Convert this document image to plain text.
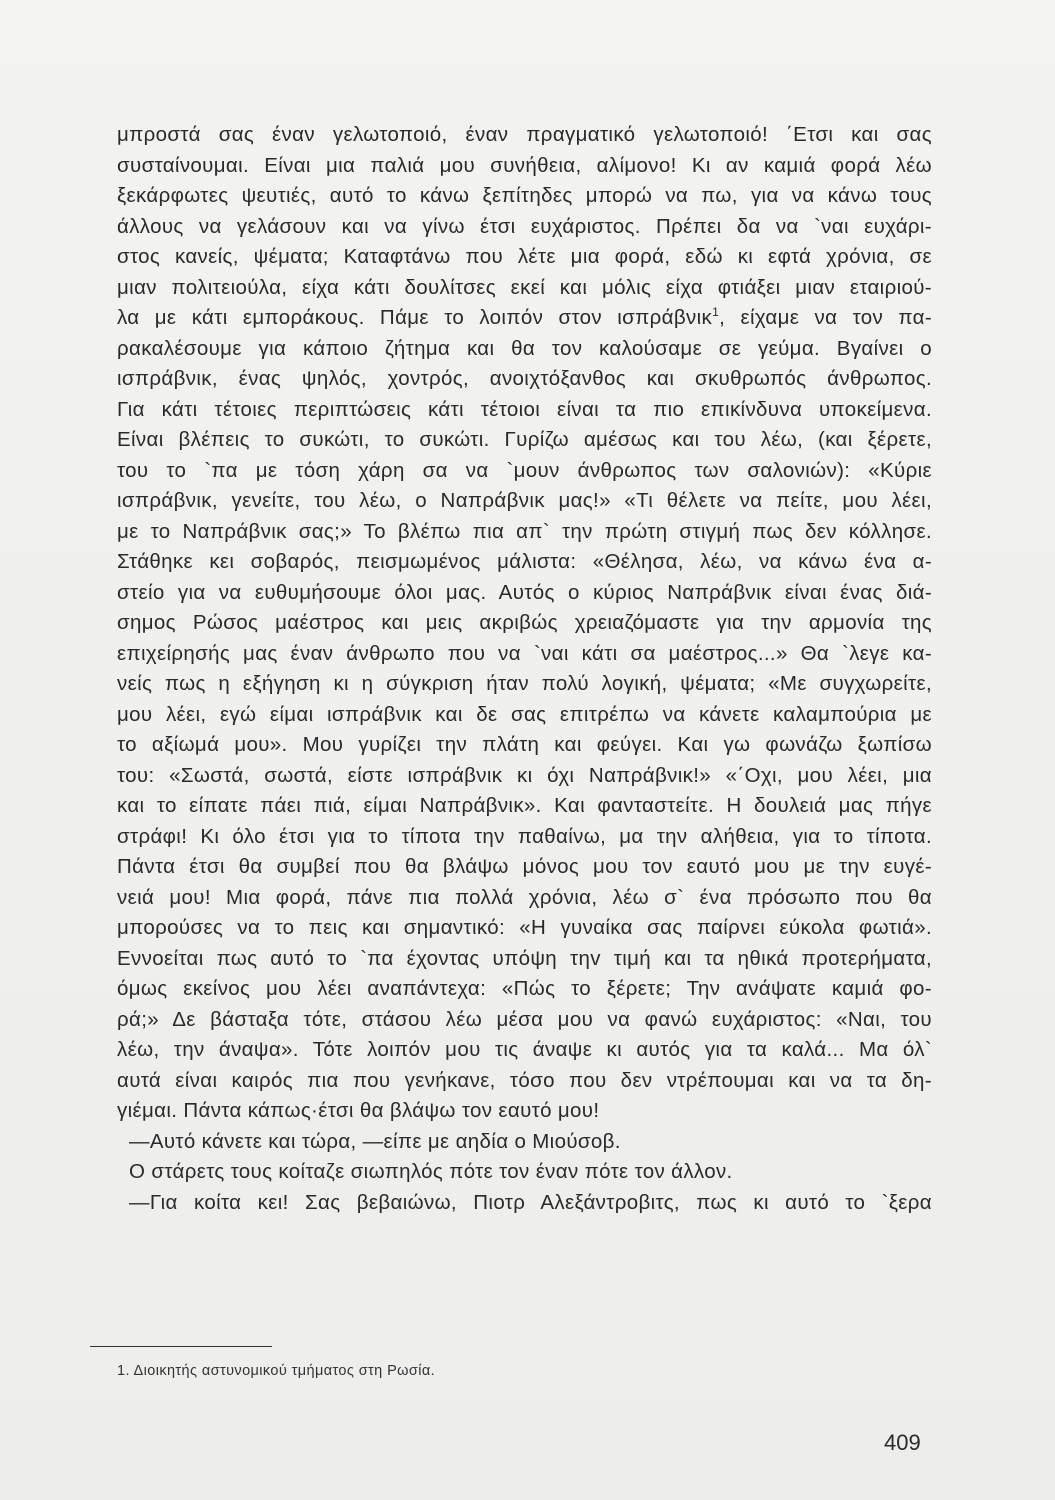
μπροστά σας έναν γελωτοποιό, έναν πραγματικό γελωτοποιό! ΄Ετσι και σας
συσταίνουμαι. Είναι μια παλιά μου συνήθεια, αλίμονο! Κι αν καμιά φορά λέω
ξεκάρφωτες ψευτιές, αυτό το κάνω ξεπίτηδες μπορώ να πω, για να κάνω τους
άλλους να γελάσουν και να γίνω έτσι ευχάριστος. Πρέπει δα να `ναι ευχάρι-
στος κανείς, ψέματα; Καταφτάνω που λέτε μια φορά, εδώ κι εφτά χρόνια, σε
μιαν πολιτειούλα, είχα κάτι δουλίτσες εκεί και μόλις είχα φτιάξει μιαν εταιριού-
λα με κάτι εμποράκους. Πάμε το λοιπόν στον ισπράβνικ$^1$, είχαμε να τον πα-
ρακαλέσουμε για κάποιο ζήτημα και θα τον καλούσαμε σε γεύμα. Βγαίνει ο
ισπράβνικ, ένας ψηλός, χοντρός, ανοιχτόξανθος και σκυθρωπός άνθρωπος.
Για κάτι τέτοιες περιπτώσεις κάτι τέτοιοι είναι τα πιο επικίνδυνα υποκείμενα.
Είναι βλέπεις το συκώτι, το συκώτι. Γυρίζω αμέσως και του λέω, (και ξέρετε,
του το `πα με τόση χάρη σα να `μουν άνθρωπος των σαλονιών): «Κύριε
ισπράβνικ, γενείτε, του λέω, ο Ναπράβνικ μας!» «Τι θέλετε να πείτε, μου λέει,
με το Ναπράβνικ σας;» Το βλέπω πια απ` την πρώτη στιγμή πως δεν κόλλησε.
Στάθηκε κει σοβαρός, πεισμωμένος μάλιστα: «Θέλησα, λέω, να κάνω ένα α-
στείο για να ευθυμήσουμε όλοι μας. Αυτός ο κύριος Ναπράβνικ είναι ένας διά-
σημος Ρώσος μαέστρος και μεις ακριβώς χρειαζόμαστε για την αρμονία της
επιχείρησής μας έναν άνθρωπο που να `ναι κάτι σα μαέστρος...» Θα `λεγε κα-
νείς πως η εξήγηση κι η σύγκριση ήταν πολύ λογική, ψέματα; «Με συγχωρείτε,
μου λέει, εγώ είμαι ισπράβνικ και δε σας επιτρέπω να κάνετε καλαμπούρια με
το αξίωμά μου». Μου γυρίζει την πλάτη και φεύγει. Και γω φωνάζω ξωπίσω
του: «Σωστά, σωστά, είστε ισπράβνικ κι όχι Ναπράβνικ!» «΄Οχι, μου λέει, μια
και το είπατε πάει πιά, είμαι Ναπράβνικ». Και φανταστείτε. Η δουλειά μας πήγε
στράφι! Κι όλο έτσι για το τίποτα την παθαίνω, μα την αλήθεια, για το τίποτα.
Πάντα έτσι θα συμβεί που θα βλάψω μόνος μου τον εαυτό μου με την ευγέ-
νειά μου! Μια φορά, πάνε πια πολλά χρόνια, λέω σ` ένα πρόσωπο που θα
μπορούσες να το πεις και σημαντικό: «Η γυναίκα σας παίρνει εύκολα φωτιά».
Εννοείται πως αυτό το `πα έχοντας υπόψη τηv τιμή και τα ηθικά προτερήματα,
όμως εκείνος μου λέει αναπάντεχα: «Πώς το ξέρετε; Την ανάψατε καμιά φο-
ρά;» Δε βάσταξα τότε, στάσου λέω μέσα μου να φανώ ευχάριστος: «Ναι, του
λέω, την άναψα». Τότε λοιπόν μου τις άναψε κι αυτός για τα καλά... Μα όλ`
αυτά είναι καιρός πια που γενήκανε, τόσο που δεν ντρέπουμαι και να τα δη-
γιέμαι. Πάντα κάπως·έτσι θα βλάψω τον εαυτό μου!
—Αυτό κάνετε και τώρα, —είπε με αηδία ο Μιούσοβ.
Ο στάρετς τους κοίταζε σιωπηλός πότε τον έναν πότε τον άλλον.
—Για κοίτα κει! Σας βεβαιώνω, Πιοτρ Αλεξάντροβιτς, πως κι αυτό το `ξερα
1. Διοικητής αστυνομικού τμήματος στη Ρωσία.
409
